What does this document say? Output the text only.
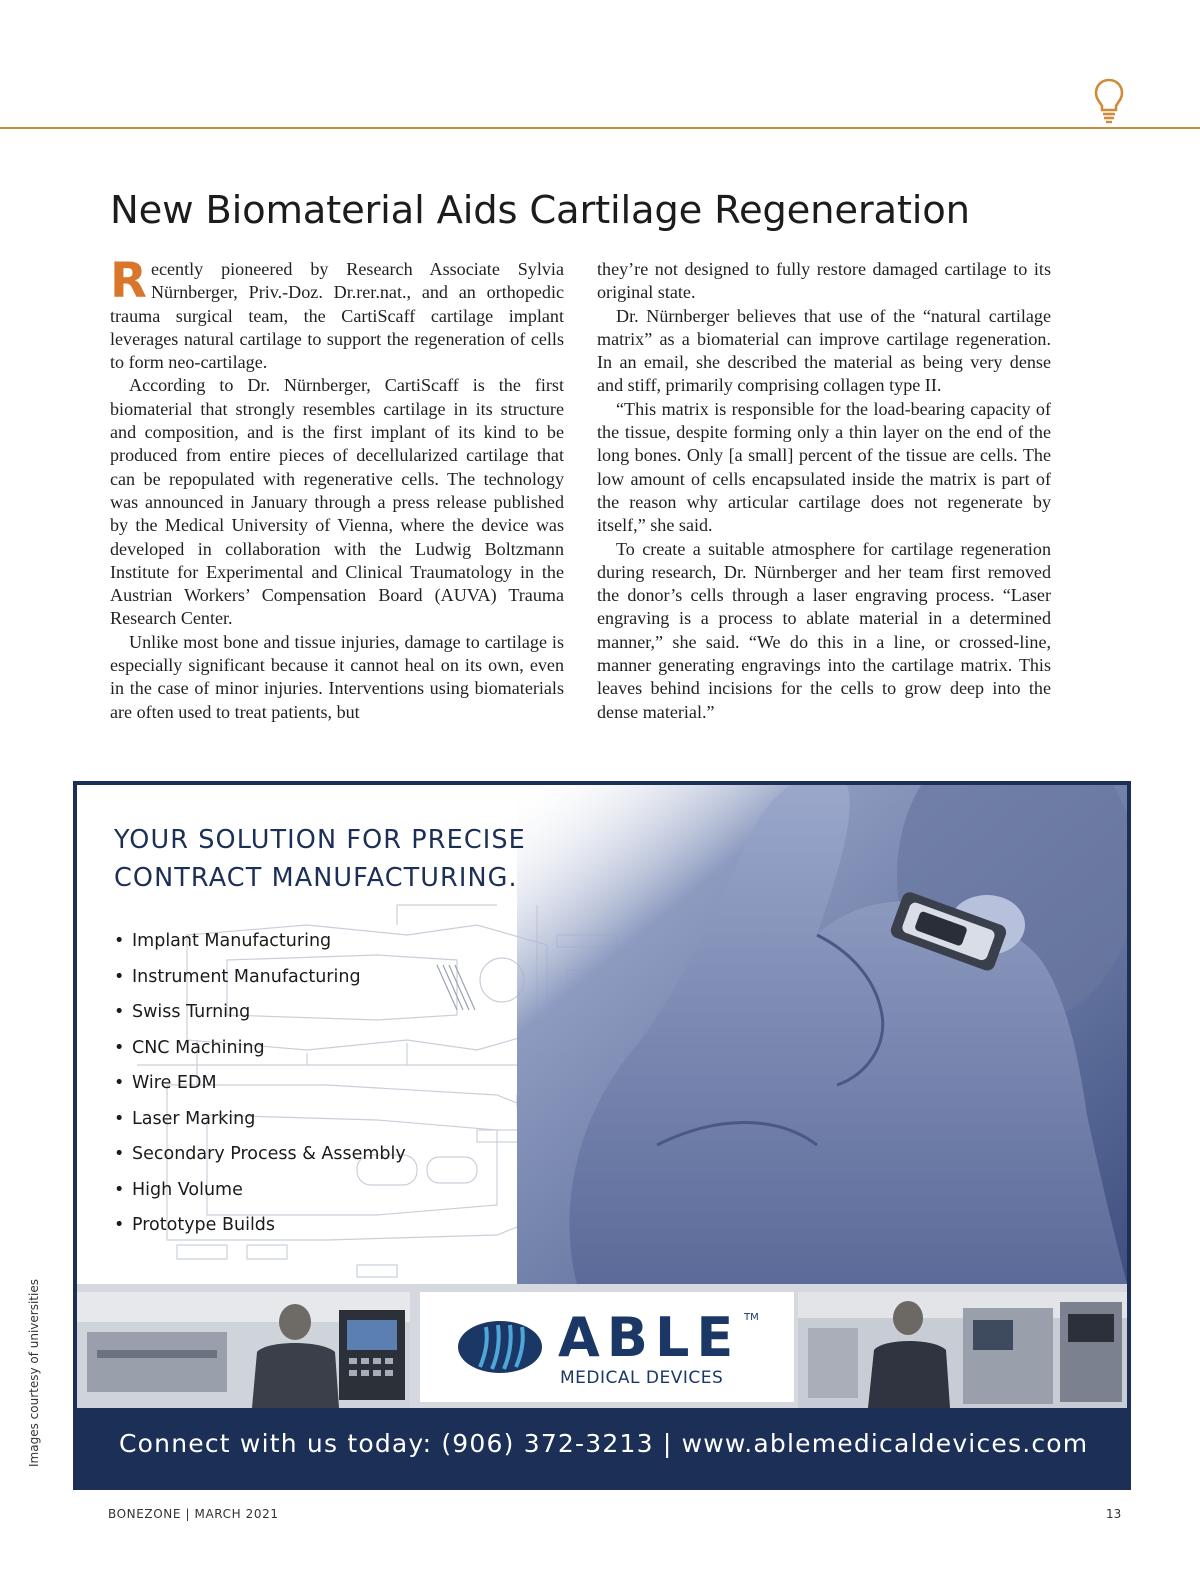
New Biomaterial Aids Cartilage Regeneration

Recently pioneered by Research Associate Sylvia Nürnberger, Priv.-Doz. Dr.rer.nat., and an orthopedic trauma surgical team, the CartiScaff cartilage implant leverages natural cartilage to support the regeneration of cells to form neo-cartilage.

According to Dr. Nürnberger, CartiScaff is the first biomaterial that strongly resembles cartilage in its structure and composition, and is the first implant of its kind to be produced from entire pieces of decellularized cartilage that can be repopulated with regenerative cells. The technology was announced in January through a press release published by the Medical University of Vienna, where the device was developed in collaboration with the Ludwig Boltzmann Institute for Experimental and Clinical Traumatology in the Austrian Workers’ Compensation Board (AUVA) Trauma Research Center.

Unlike most bone and tissue injuries, damage to cartilage is especially significant because it cannot heal on its own, even in the case of minor injuries. Interventions using biomaterials are often used to treat patients, but

they’re not designed to fully restore damaged cartilage to its original state.

Dr. Nürnberger believes that use of the “natural cartilage matrix” as a biomaterial can improve cartilage regeneration. In an email, she described the material as being very dense and stiff, primarily comprising collagen type II.

“This matrix is responsible for the load-bearing capacity of the tissue, despite forming only a thin layer on the end of the long bones. Only [a small] percent of the tissue are cells. The low amount of cells encapsulated inside the matrix is part of the reason why articular cartilage does not regenerate by itself,” she said.

To create a suitable atmosphere for cartilage regeneration during research, Dr. Nürnberger and her team first removed the donor’s cells through a laser engraving process. “Laser engraving is a process to ablate material in a determined manner,” she said. “We do this in a line, or crossed-line, manner generating engravings into the cartilage matrix. This leaves behind incisions for the cells to grow deep into the dense material.”

YOUR SOLUTION FOR PRECISE
CONTRACT MANUFACTURING.
• Implant Manufacturing
• Instrument Manufacturing
• Swiss Turning
• CNC Machining
• Wire EDM
• Laser Marking
• Secondary Process & Assembly
• High Volume
• Prototype Builds

ABLE TM

MEDICAL DEVICES

Connect with us today: (906) 372-3213 | www.ablemedicaldevices.com

Images courtesy of universities
BONEZONE | MARCH 2021	13
